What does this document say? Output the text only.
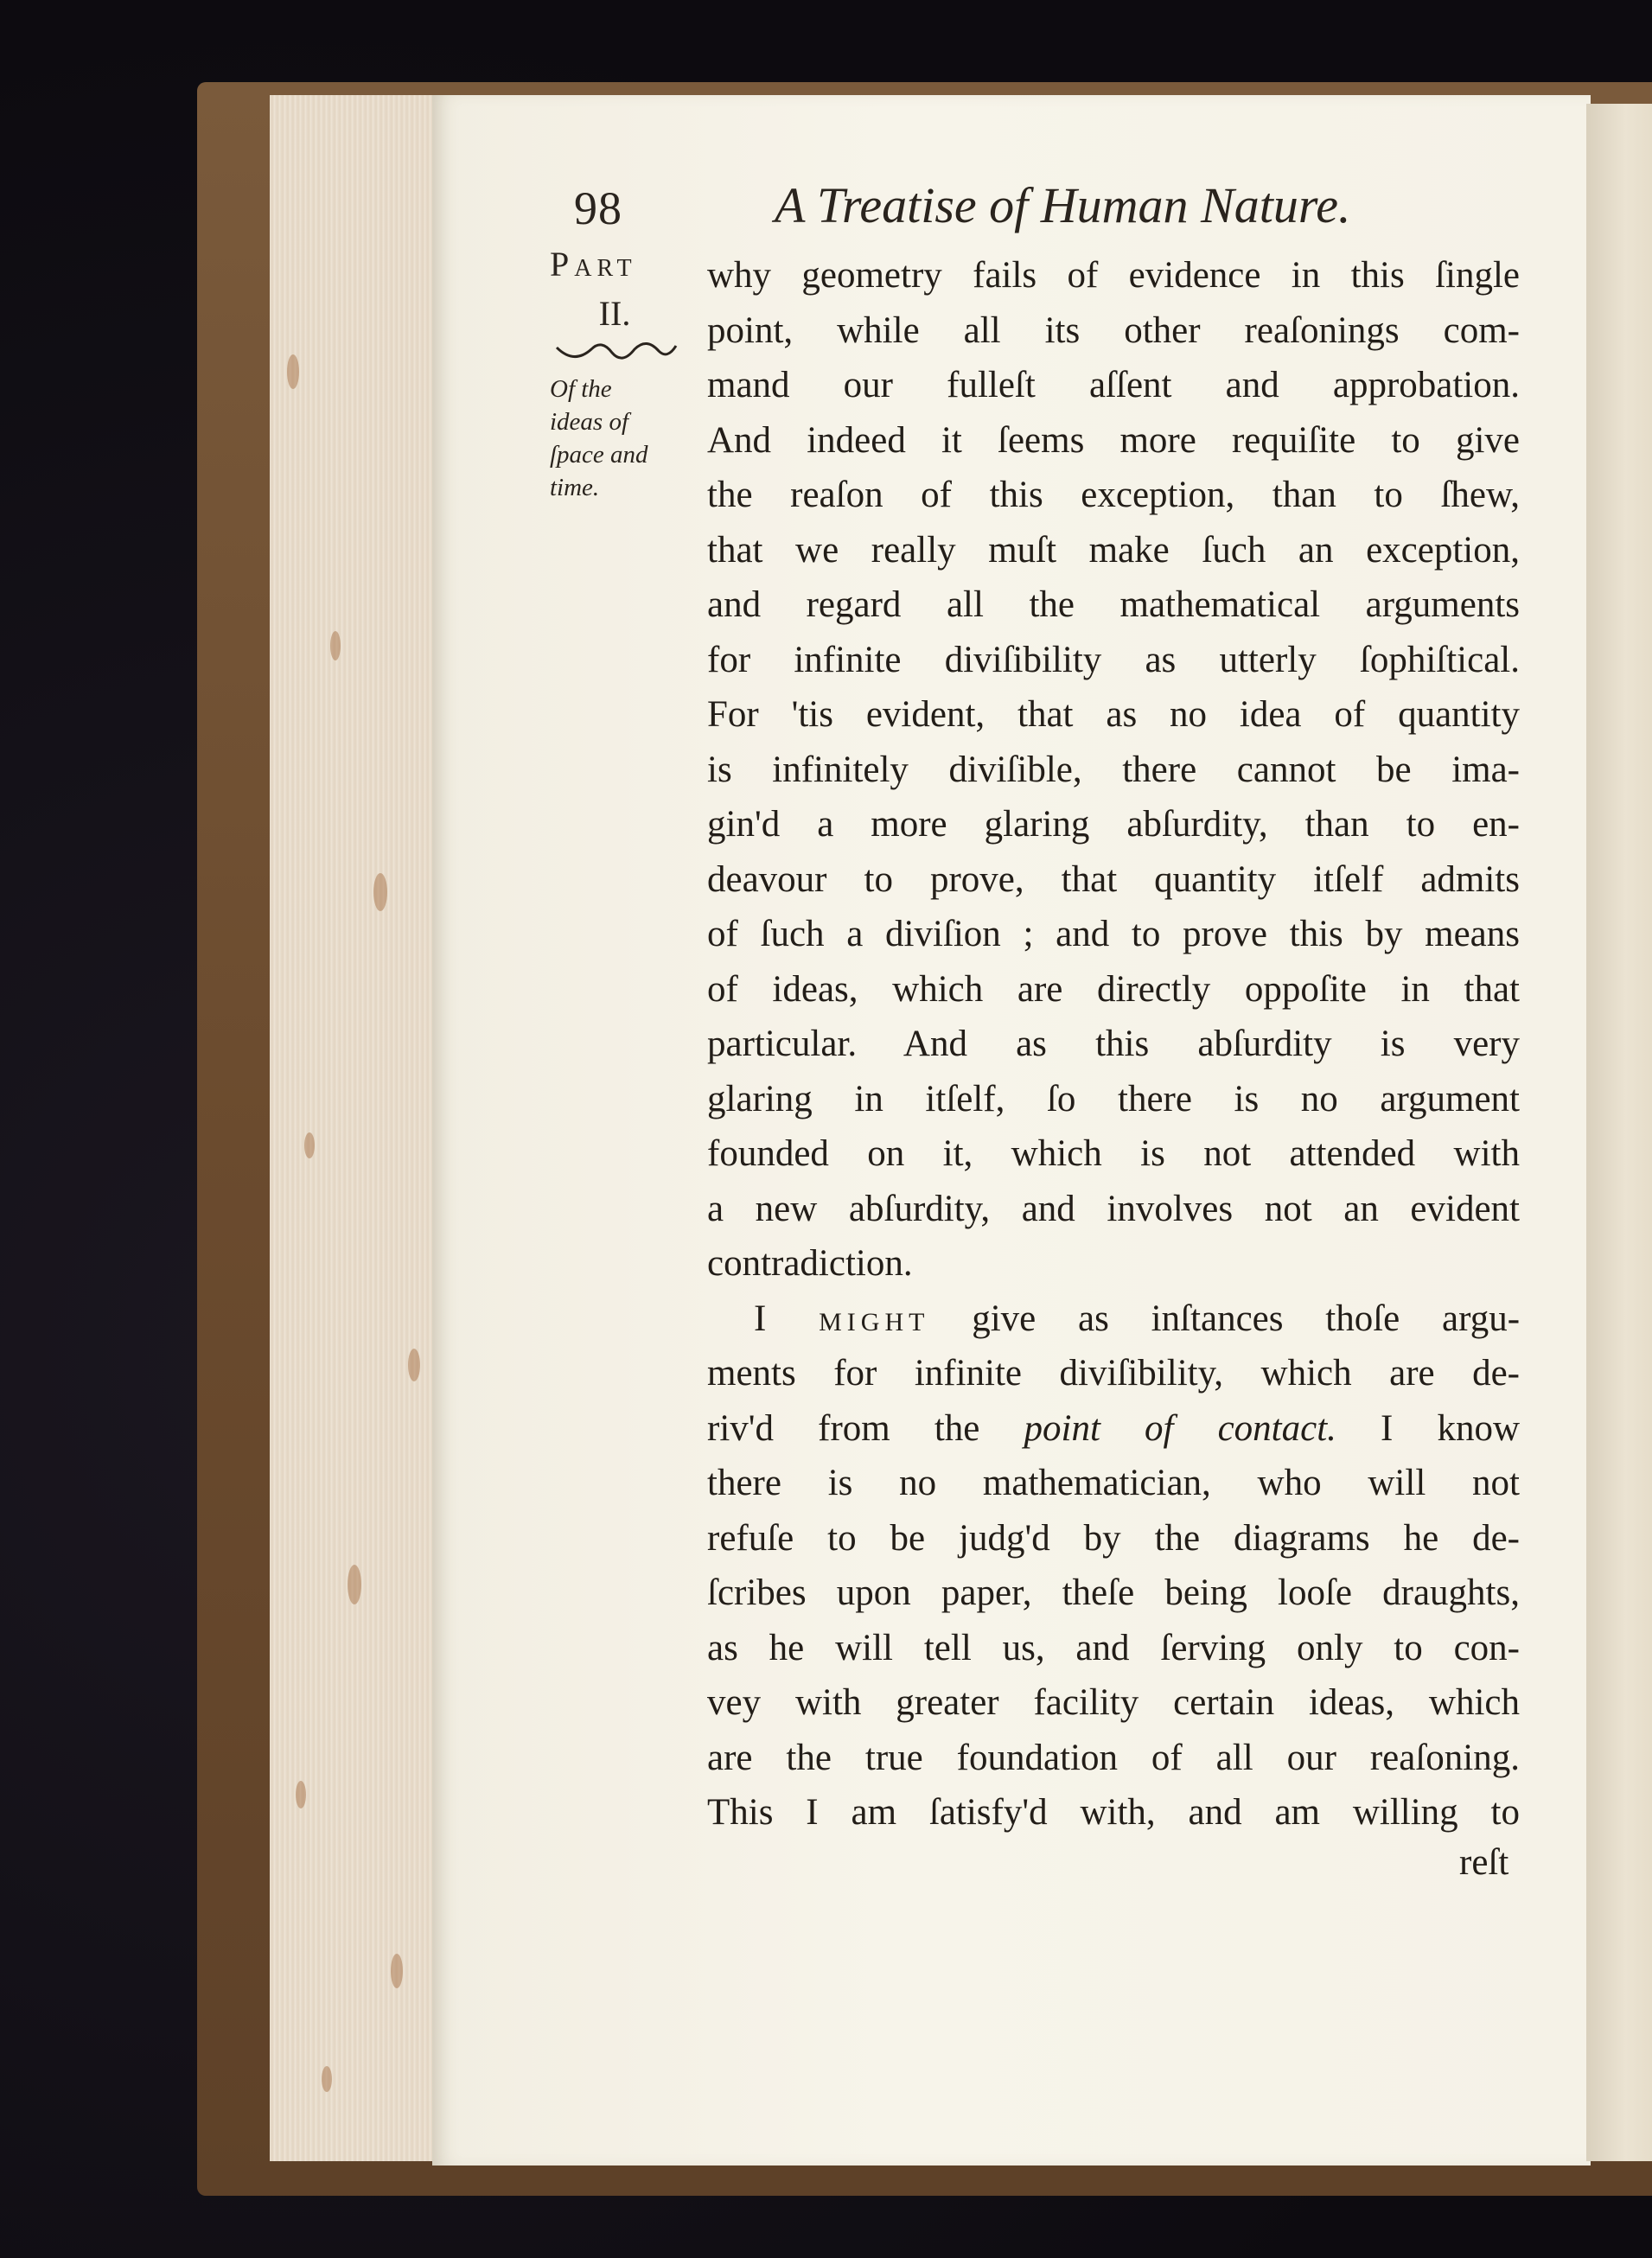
98	A Treatise of Human Nature.
Part
II.
Of the
ideas of
ſpace and
time.
why geometry fails of evidence in this ſingle
point, while all its other reaſonings com-
mand our fulleſt aſſent and approbation.
And indeed it ſeems more requiſite to give
the reaſon of this exception, than to ſhew,
that we really muſt make ſuch an exception,
and regard all the mathematical arguments
for infinite diviſibility as utterly ſophiſtical.
For 'tis evident, that as no idea of quantity
is infinitely diviſible, there cannot be ima-
gin'd a more glaring abſurdity, than to en-
deavour to prove, that quantity itſelf admits
of ſuch a diviſion ; and to prove this by means
of ideas, which are directly oppoſite in that
particular. And as this abſurdity is very
glaring in itſelf, ſo there is no argument
founded on it, which is not attended with
a new abſurdity, and involves not an evident
contradiction.
I might give as inſtances thoſe argu-
ments for infinite diviſibility, which are de-
riv'd from the point of contact. I know
there is no mathematician, who will not
refuſe to be judg'd by the diagrams he de-
ſcribes upon paper, theſe being looſe draughts,
as he will tell us, and ſerving only to con-
vey with greater facility certain ideas, which
are the true foundation of all our reaſoning.
This I am ſatisfy'd with, and am willing to
reſt
